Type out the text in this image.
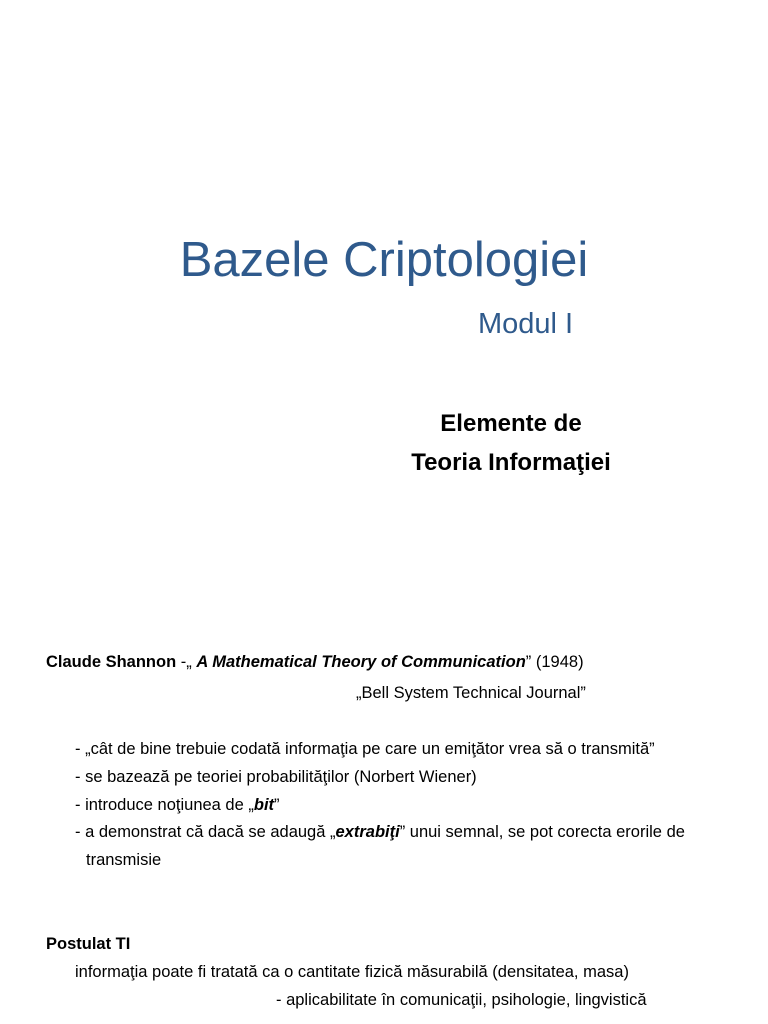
Bazele Criptologiei
Modul I
Elemente de
Teoria Informaţiei
Claude Shannon -„ A Mathematical Theory of Communication” (1948)
„Bell System Technical Journal”
- „cât de bine trebuie codată informaţia pe care un emiţător vrea să o transmită”
- se bazează pe teoriei probabilităţilor (Norbert Wiener)
- introduce noţiunea de „bit”
- a demonstrat că dacă se adaugă „extrabiţi” unui semnal, se pot corecta erorile de
transmisie
Postulat TI
informaţia poate fi tratată ca o cantitate fizică măsurabilă (densitatea, masa)
- aplicabilitate în comunicaţii, psihologie, lingvistică
